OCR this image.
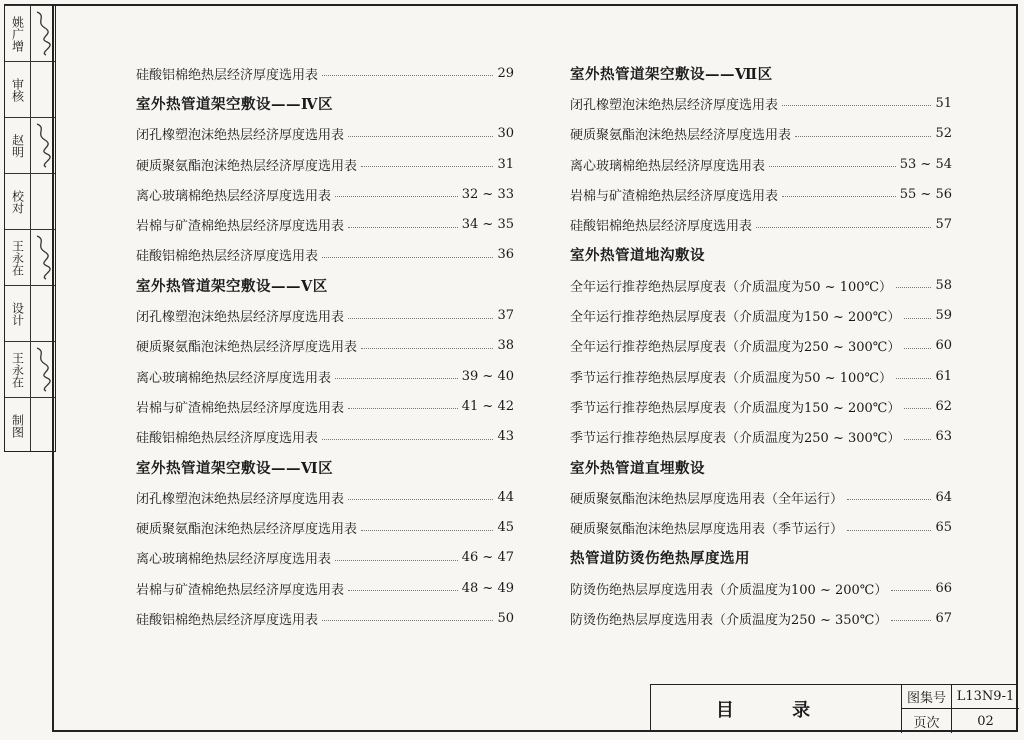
姚广增
审核
赵明
校对
王永在
设计
王永在
制图
硅酸铝棉绝热层经济厚度选用表	29
室外热管道架空敷设——Ⅳ区
闭孔橡塑泡沫绝热层经济厚度选用表	30
硬质聚氨酯泡沫绝热层经济厚度选用表	31
离心玻璃棉绝热层经济厚度选用表	32 ~ 33
岩棉与矿渣棉绝热层经济厚度选用表	34 ~ 35
硅酸铝棉绝热层经济厚度选用表	36
室外热管道架空敷设——Ⅴ区
闭孔橡塑泡沫绝热层经济厚度选用表	37
硬质聚氨酯泡沫绝热层经济厚度选用表	38
离心玻璃棉绝热层经济厚度选用表	39 ~ 40
岩棉与矿渣棉绝热层经济厚度选用表	41 ~ 42
硅酸铝棉绝热层经济厚度选用表	43
室外热管道架空敷设——Ⅵ区
闭孔橡塑泡沫绝热层经济厚度选用表	44
硬质聚氨酯泡沫绝热层经济厚度选用表	45
离心玻璃棉绝热层经济厚度选用表	46 ~ 47
岩棉与矿渣棉绝热层经济厚度选用表	48 ~ 49
硅酸铝棉绝热层经济厚度选用表	50
室外热管道架空敷设——Ⅶ区
闭孔橡塑泡沫绝热层经济厚度选用表	51
硬质聚氨酯泡沫绝热层经济厚度选用表	52
离心玻璃棉绝热层经济厚度选用表	53 ~ 54
岩棉与矿渣棉绝热层经济厚度选用表	55 ~ 56
硅酸铝棉绝热层经济厚度选用表	57
室外热管道地沟敷设
全年运行推荐绝热层厚度表（介质温度为50 ~ 100℃）	58
全年运行推荐绝热层厚度表（介质温度为150 ~ 200℃）	59
全年运行推荐绝热层厚度表（介质温度为250 ~ 300℃）	60
季节运行推荐绝热层厚度表（介质温度为50 ~ 100℃）	61
季节运行推荐绝热层厚度表（介质温度为150 ~ 200℃）	62
季节运行推荐绝热层厚度表（介质温度为250 ~ 300℃）	63
室外热管道直埋敷设
硬质聚氨酯泡沫绝热层厚度选用表（全年运行）	64
硬质聚氨酯泡沫绝热层厚度选用表（季节运行）	65
热管道防烫伤绝热厚度选用
防烫伤绝热层厚度选用表（介质温度为100 ~ 200℃）	66
防烫伤绝热层厚度选用表（介质温度为250 ~ 350℃）	67
目 录
图集号 L13N9-1
页次	02
